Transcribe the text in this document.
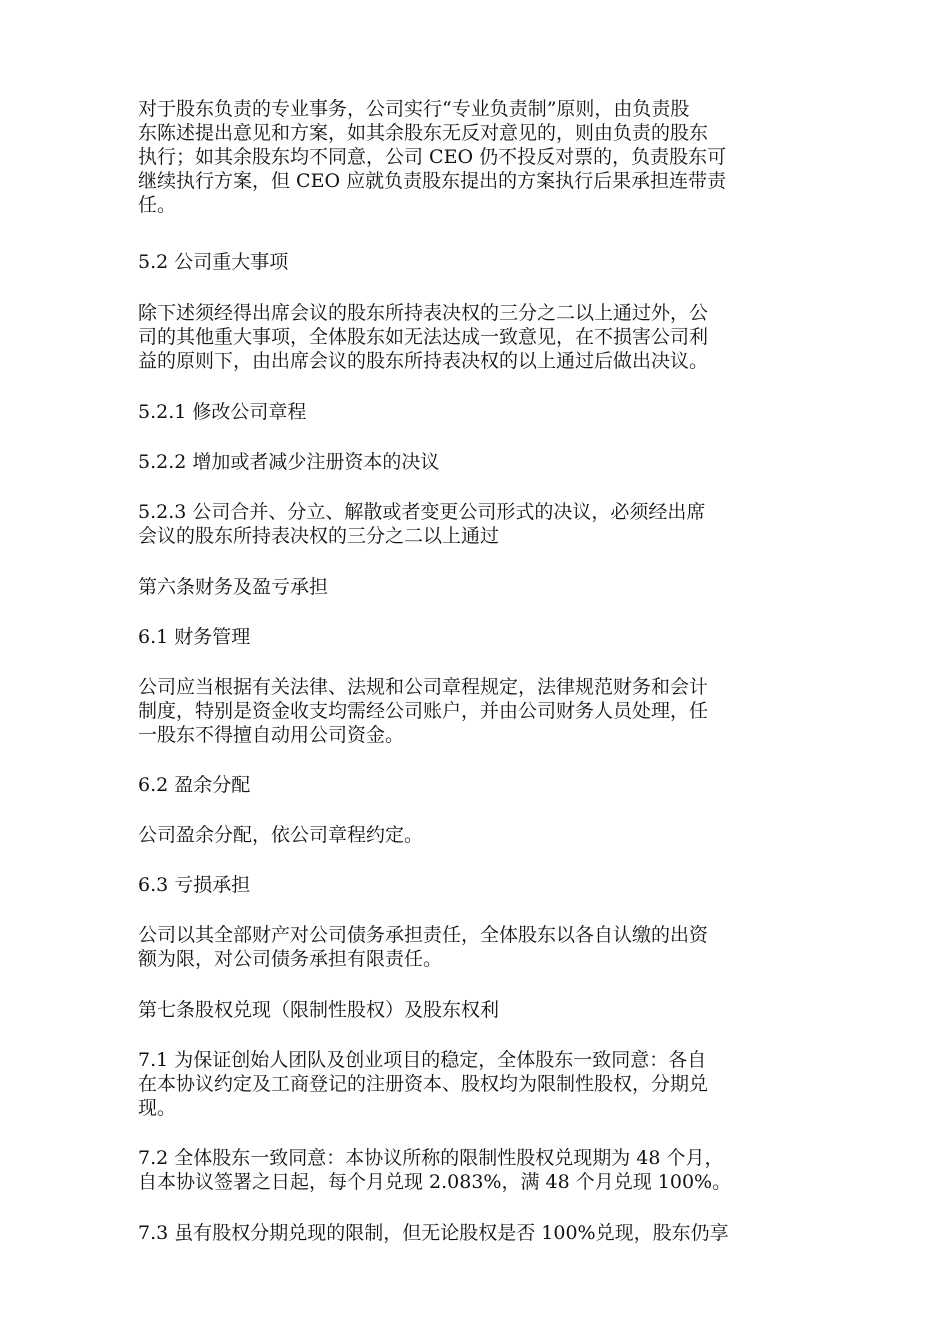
对于股东负责的专业事务，公司实行“专业负责制”原则，由负责股
东陈述提出意见和方案，如其余股东无反对意见的，则由负责的股东
执行；如其余股东均不同意，公司 CEO 仍不投反对票的，负责股东可
继续执行方案，但 CEO 应就负责股东提出的方案执行后果承担连带责
任。

5.2 公司重大事项

除下述须经得出席会议的股东所持表决权的三分之二以上通过外，公
司的其他重大事项，全体股东如无法达成一致意见，在不损害公司利
益的原则下，由出席会议的股东所持表决权的以上通过后做出决议。

5.2.1 修改公司章程

5.2.2 增加或者减少注册资本的决议

5.2.3 公司合并、分立、解散或者变更公司形式的决议，必须经出席
会议的股东所持表决权的三分之二以上通过

第六条财务及盈亏承担

6.1 财务管理

公司应当根据有关法律、法规和公司章程规定，法律规范财务和会计
制度，特别是资金收支均需经公司账户，并由公司财务人员处理，任
一股东不得擅自动用公司资金。

6.2 盈余分配

公司盈余分配，依公司章程约定。

6.3 亏损承担

公司以其全部财产对公司债务承担责任，全体股东以各自认缴的出资
额为限，对公司债务承担有限责任。

第七条股权兑现（限制性股权）及股东权利

7.1 为保证创始人团队及创业项目的稳定，全体股东一致同意：各自
在本协议约定及工商登记的注册资本、股权均为限制性股权，分期兑
现。

7.2 全体股东一致同意：本协议所称的限制性股权兑现期为 48 个月，
自本协议签署之日起，每个月兑现 2.083%，满 48 个月兑现 100%。

7.3 虽有股权分期兑现的限制，但无论股权是否 100%兑现，股东仍享
